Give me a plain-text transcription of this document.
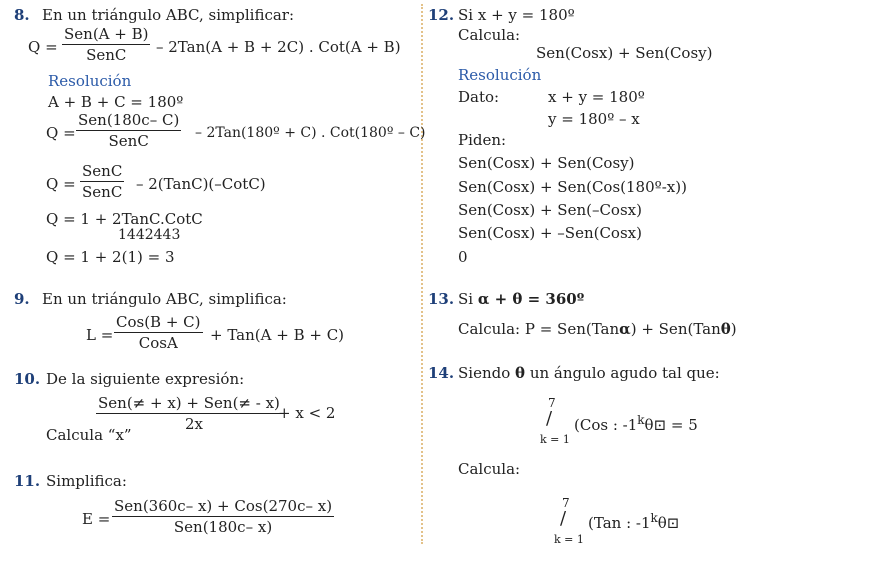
8. En un triángulo ABC, simplificar:
Q =
Sen(A + B)
SenC – 2Tan(A + B + 2C) . Cot(A + B)
Resolución
A + B + C = 180º
Q =
Sen(180c– C)
SenC	– 2Tan(180º + C) . Cot(180º – C)
Q =
SenC
SenC – 2(TanC)(–CotC)
Q = 1 + 2TanC.CotC
1442443
Q = 1 + 2(1) = 3
9. En un triángulo ABC, simplifica:
L =
Cos(B + C)
CosA + Tan(A + B + C)
10. De la siguiente expresión:
Sen(≠ + x) + Sen(≠ - x)
2x
+ x < 2
Calcula “x”
11. Simplifica:
E =
Sen(360c– x) + Cos(270c– x)
Sen(180c– x)
12. Si x + y = 180º
Calcula:
Sen(Cosx) + Sen(Cosy)
Resolución
Dato:	x + y = 180º
y = 180º – x
Piden:
Sen(Cosx) + Sen(Cosy)
Sen(Cosx) + Sen(Cos(180º-x))
Sen(Cosx) + Sen(–Cosx)
Sen(Cosx) + –Sen(Cosx)
0
13. Si α + θ = 360º
Calcula: P = Sen(Tanα) + Sen(Tanθ)
14. Siendo θ un ángulo agudo tal que:
7
/
k = 1
(Cos : $-1^k\theta⊡ = 5$
Calcula:
7
/
k = 1
(Tan : -1$^k$θ⊡
